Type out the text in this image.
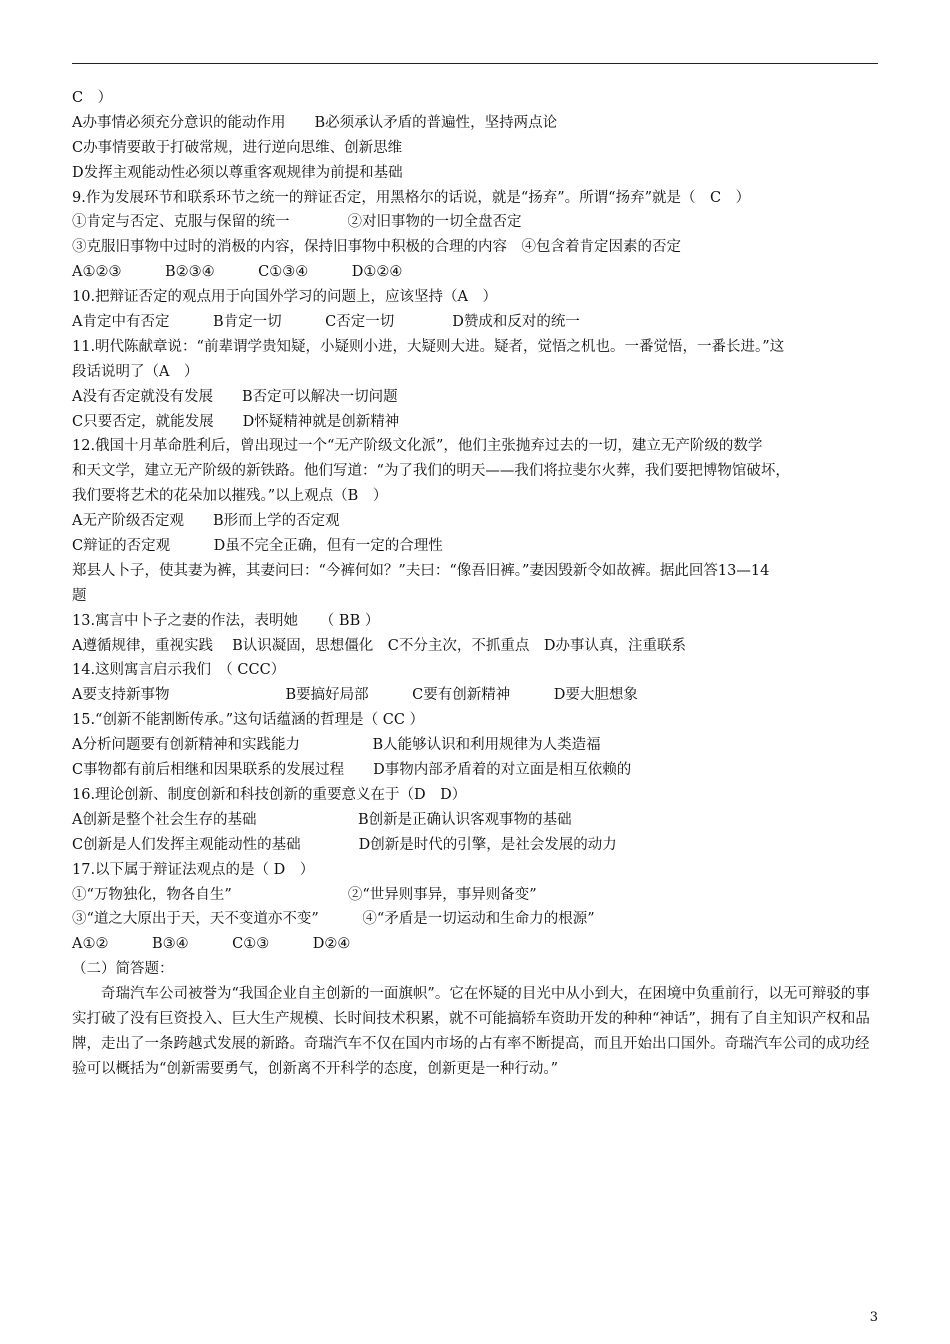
C　）
A办事情必须充分意识的能动作用　　B必须承认矛盾的普遍性，坚持两点论
C办事情要敢于打破常规，进行逆向思维、创新思维
D发挥主观能动性必须以尊重客观规律为前提和基础
9.作为发展环节和联系环节之统一的辩证否定，用黑格尔的话说，就是“扬弃”。所谓“扬弃”就是（　C　）
①肯定与否定、克服与保留的统一　　　　②对旧事物的一切全盘否定
③克服旧事物中过时的消极的内容，保持旧事物中积极的合理的内容　④包含着肯定因素的否定
A①②③　　　B②③④　　　C①③④　　　D①②④
10.把辩证否定的观点用于向国外学习的问题上，应该坚持（A　）
A肯定中有否定　　　B肯定一切　　　C否定一切　　　　D赞成和反对的统一
11.明代陈献章说：“前辈谓学贵知疑，小疑则小进，大疑则大进。疑者，觉悟之机也。一番觉悟，一番长进。”这
段话说明了（A　）
A没有否定就没有发展　　B否定可以解决一切问题
C只要否定，就能发展　　D怀疑精神就是创新精神
12.俄国十月革命胜利后，曾出现过一个“无产阶级文化派”，他们主张抛弃过去的一切，建立无产阶级的数学
和天文学，建立无产阶级的新铁路。他们写道：“为了我们的明天——我们将拉斐尔火葬，我们要把博物馆破坏，
我们要将艺术的花朵加以摧残。”以上观点（B　）
A无产阶级否定观　　B形而上学的否定观
C辩证的否定观　　　D虽不完全正确，但有一定的合理性
郑县人卜子，使其妻为裤，其妻问曰：“今裤何如？”夫曰：“像吾旧裤。”妻因毁新令如故裤。据此回答13—14
题
13.寓言中卜子之妻的作法，表明她　　（ BB ）
A遵循规律，重视实践　 B认识凝固，思想僵化　C不分主次，不抓重点　D办事认真，注重联系
14.这则寓言启示我们　（ CCC）
A要支持新事物　　　　　　　　B要搞好局部　　　C要有创新精神　　　D要大胆想象
15.“创新不能割断传承。”这句话蕴涵的哲理是（ CC ）
A分析问题要有创新精神和实践能力　　　　　B人能够认识和利用规律为人类造福
C事物都有前后相继和因果联系的发展过程　　D事物内部矛盾着的对立面是相互依赖的
16.理论创新、制度创新和科技创新的重要意义在于（D　D）
A创新是整个社会生存的基础　　　　　　　B创新是正确认识客观事物的基础
C创新是人们发挥主观能动性的基础　　　　D创新是时代的引擎，是社会发展的动力
17.以下属于辩证法观点的是（ D　）
①“万物独化，物各自生”　　　　　　　　②“世异则事异，事异则备变”
③“道之大原出于天，天不变道亦不变”　　　④“矛盾是一切运动和生命力的根源”
A①②　　　B③④　　　C①③　　　D②④
（二）简答题：
奇瑞汽车公司被誉为“我国企业自主创新的一面旗帜”。它在怀疑的目光中从小到大，在困境中负重前行，以无可辩驳的事实打破了没有巨资投入、巨大生产规模、长时间技术积累，就不可能搞轿车资助开发的种种“神话”，拥有了自主知识产权和品牌，走出了一条跨越式发展的新路。奇瑞汽车不仅在国内市场的占有率不断提高，而且开始出口国外。奇瑞汽车公司的成功经验可以概括为“创新需要勇气，创新离不开科学的态度，创新更是一种行动。”
3
